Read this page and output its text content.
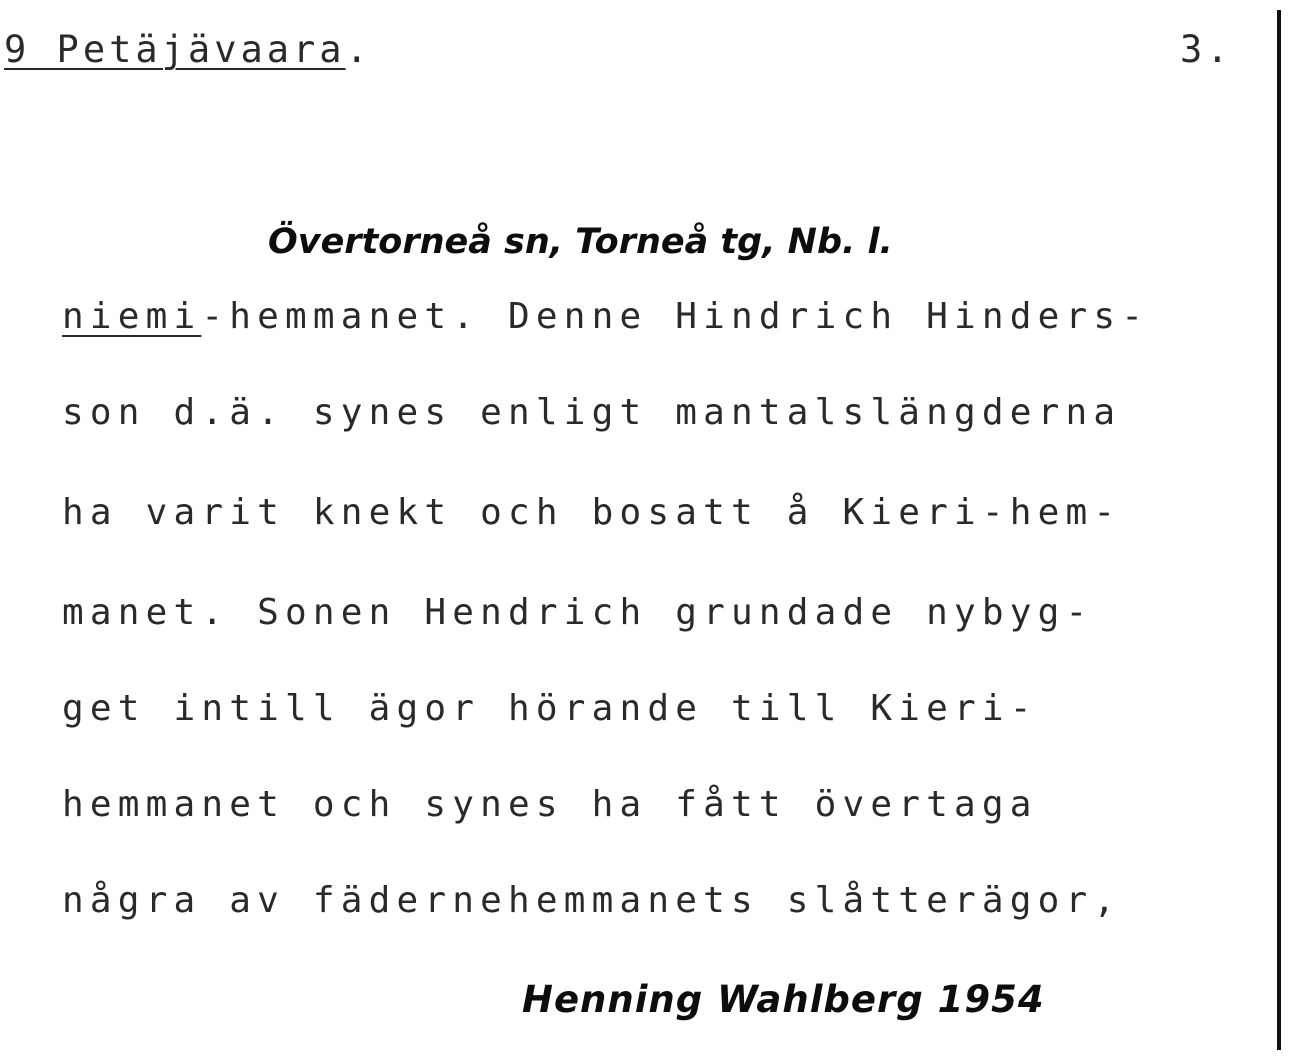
9 Petäjävaara.	3.
Övertorneå sn, Torneå tg, Nb. l.
niemi-hemmanet. Denne Hindrich Hinders-
son d.ä. synes enligt mantalslängderna
ha varit knekt och bosatt å Kieri-hem-
manet. Sonen Hendrich grundade nybyg-
get intill ägor hörande till Kieri-
hemmanet och synes ha fått övertaga
några av fädernehemmanets slåtterägor,
Henning Wahlberg 1954
